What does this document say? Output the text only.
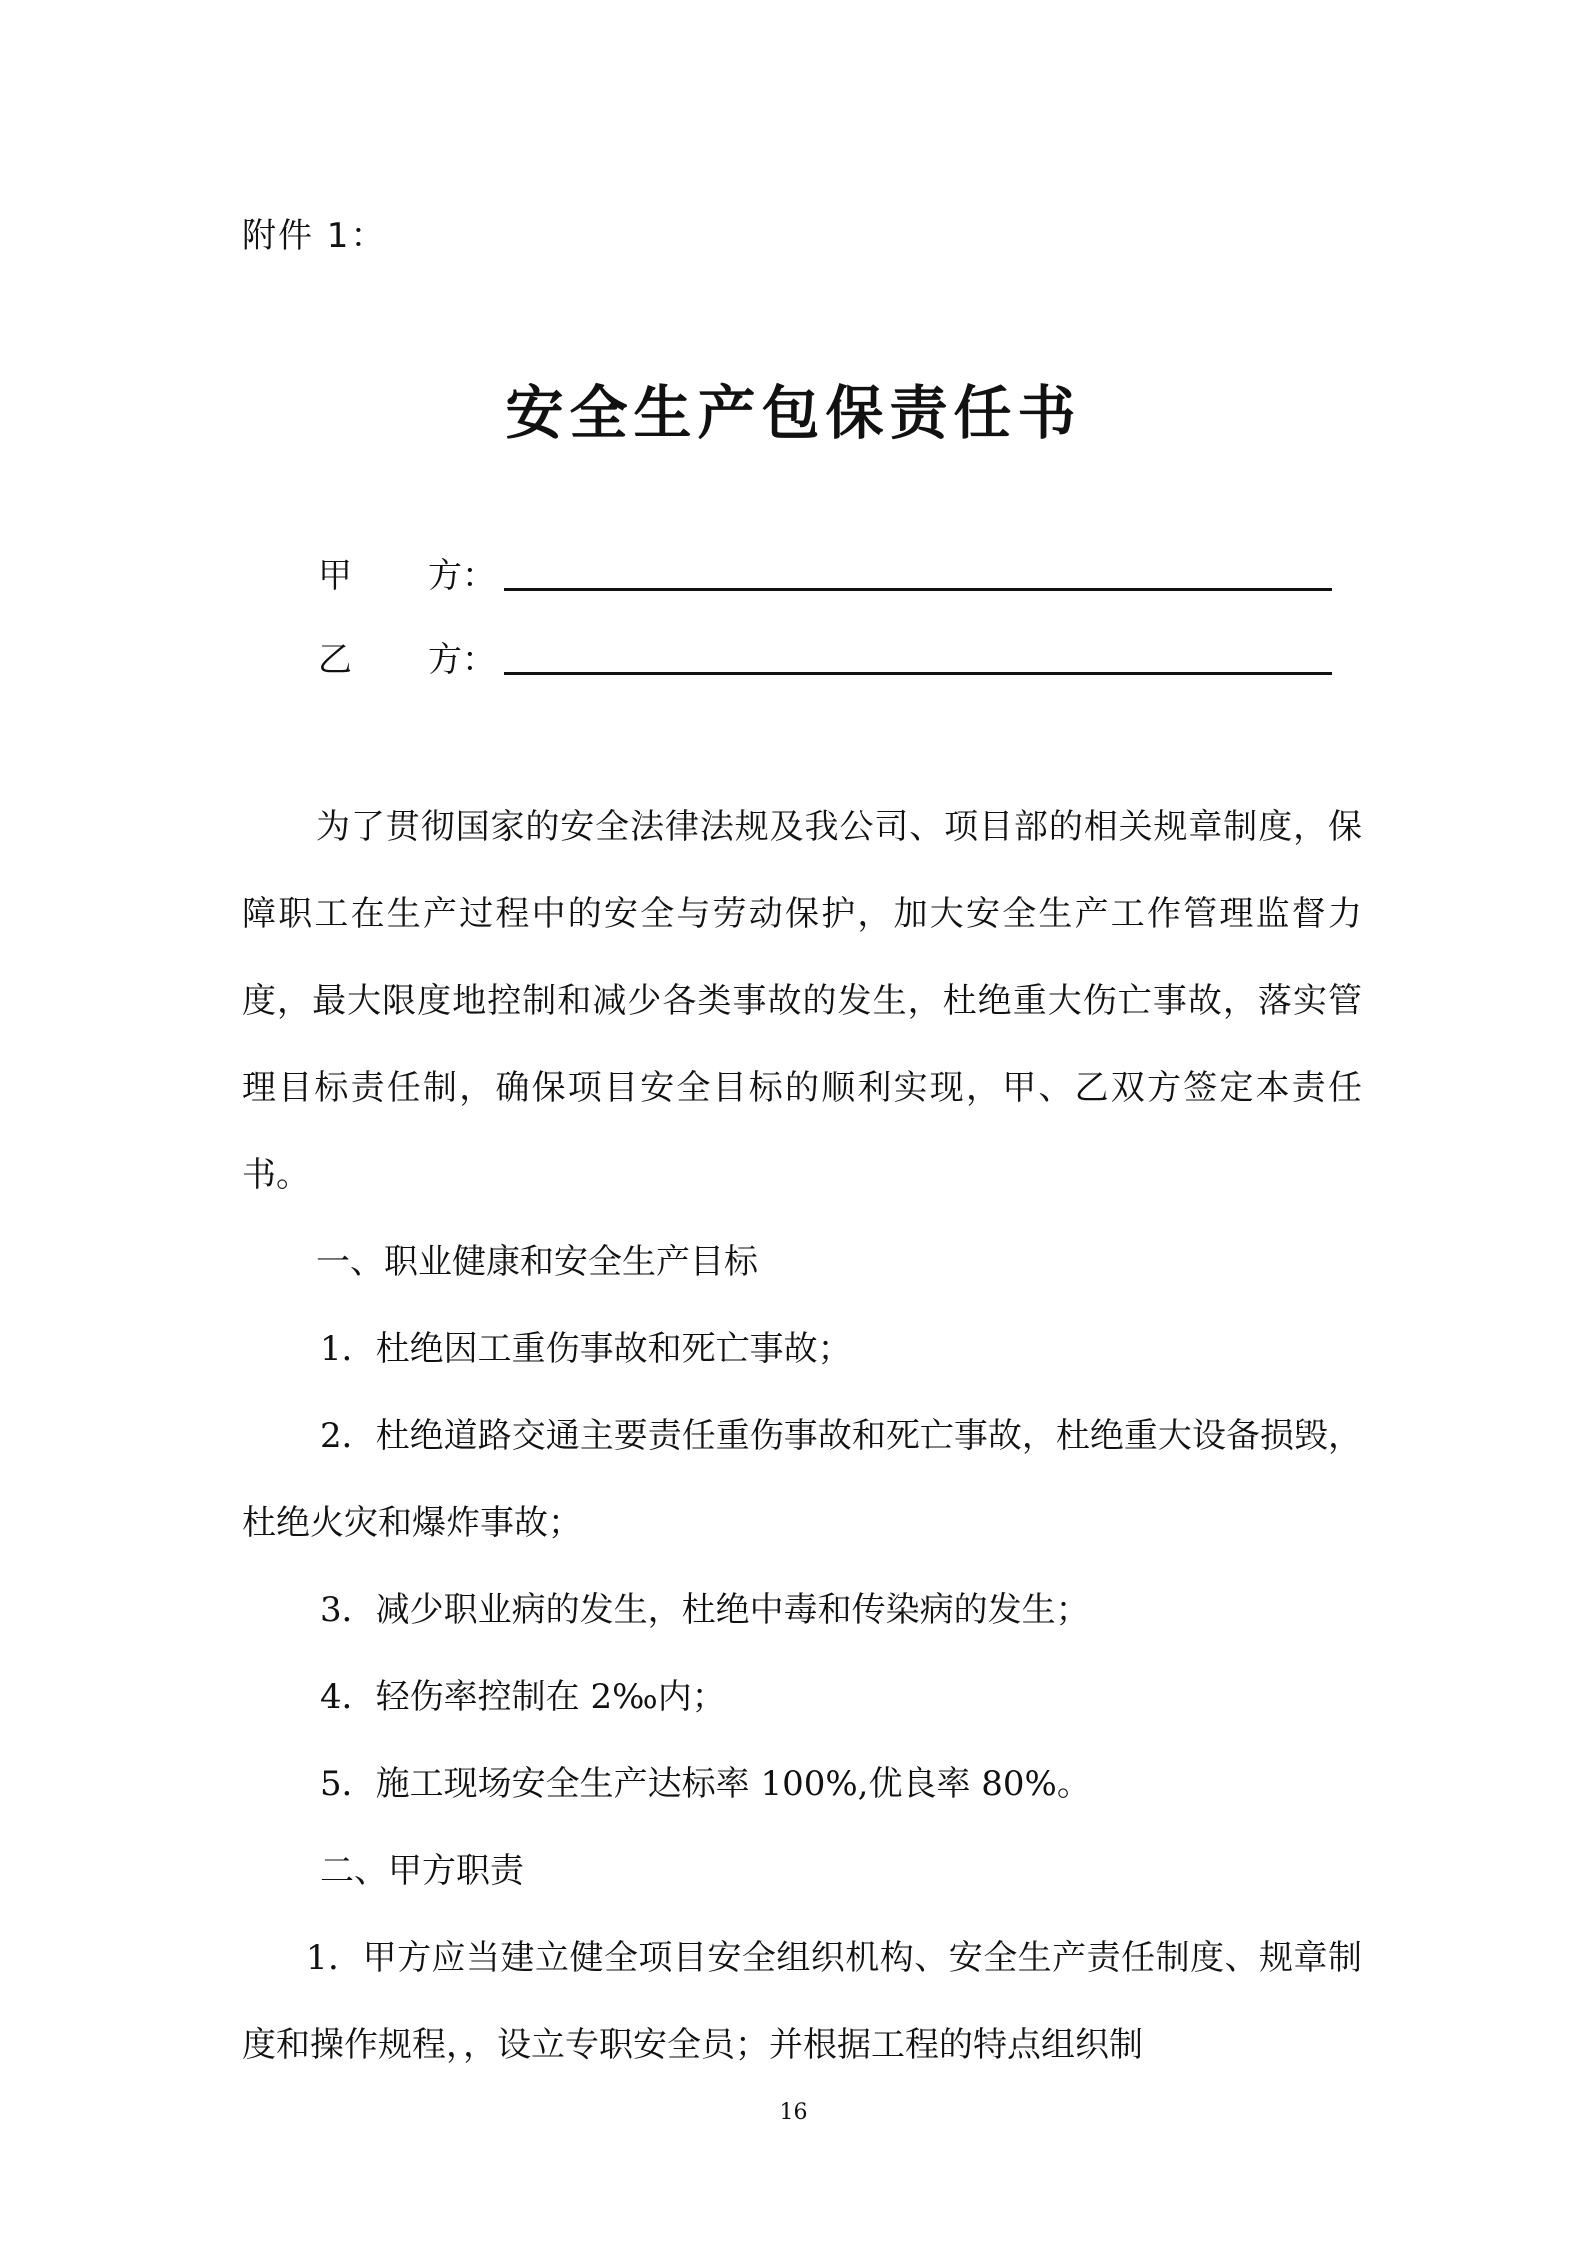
附件 1：
安全生产包保责任书
甲 方：
乙 方：

为了贯彻国家的安全法律法规及我公司、项目部的相关规章制度，保障职工在生产过程中的安全与劳动保护，加大安全生产工作管理监督力度，最大限度地控制和减少各类事故的发生，杜绝重大伤亡事故，落实管理目标责任制，确保项目安全目标的顺利实现，甲、乙双方签定本责任书。

一、职业健康和安全生产目标

1．杜绝因工重伤事故和死亡事故；

2．杜绝道路交通主要责任重伤事故和死亡事故，杜绝重大设备损毁，杜绝火灾和爆炸事故；

3．减少职业病的发生，杜绝中毒和传染病的发生；

4．轻伤率控制在 2‰内；

5．施工现场安全生产达标率 100%,优良率 80%。

二、甲方职责

1．甲方应当建立健全项目安全组织机构、安全生产责任制度、规章制度和操作规程，，设立专职安全员；并根据工程的特点组织制

16
